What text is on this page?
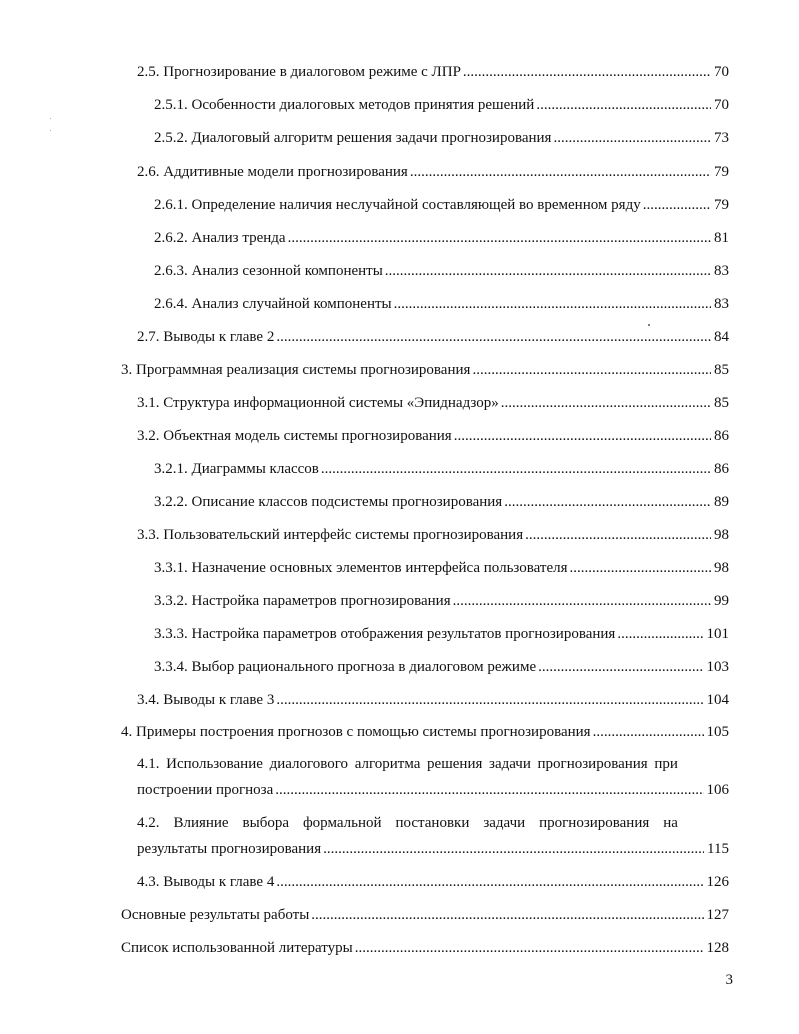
2.5. Прогнозирование в диалоговом режиме с ЛПР .....	70
2.5.1. Особенности диалоговых методов принятия решений .....	70
2.5.2. Диалоговый алгоритм решения задачи прогнозирования .....	73
2.6. Аддитивные модели прогнозирования .....	79
2.6.1. Определение наличия неслучайной составляющей во временном ряду .....	79
2.6.2. Анализ тренда .....	81
2.6.3. Анализ сезонной компоненты .....	83
2.6.4. Анализ случайной компоненты .....	83
2.7. Выводы к главе 2 .....	84
3. Программная реализация системы прогнозирования .....	85
3.1. Структура информационной системы «Эпиднадзор» .....	85
3.2. Объектная модель системы прогнозирования .....	86
3.2.1. Диаграммы классов .....	86
3.2.2. Описание классов подсистемы прогнозирования .....	89
3.3. Пользовательский интерфейс системы прогнозирования .....	98
3.3.1. Назначение основных элементов интерфейса пользователя .....	98
3.3.2. Настройка параметров прогнозирования .....	99
3.3.3. Настройка параметров отображения результатов прогнозирования .....	101
3.3.4. Выбор рационального прогноза в диалоговом режиме .....	103
3.4. Выводы к главе 3 .....	104
4. Примеры построения прогнозов с помощью системы прогнозирования .....	105
4.1. Использование диалогового алгоритма решения задачи прогнозирования при
построении прогноза .....	106
4.2. Влияние выбора формальной постановки задачи прогнозирования на
результаты прогнозирования .....	115
4.3. Выводы к главе 4 .....	126
Основные результаты работы .....	127
Список использованной литературы .....	128
3
